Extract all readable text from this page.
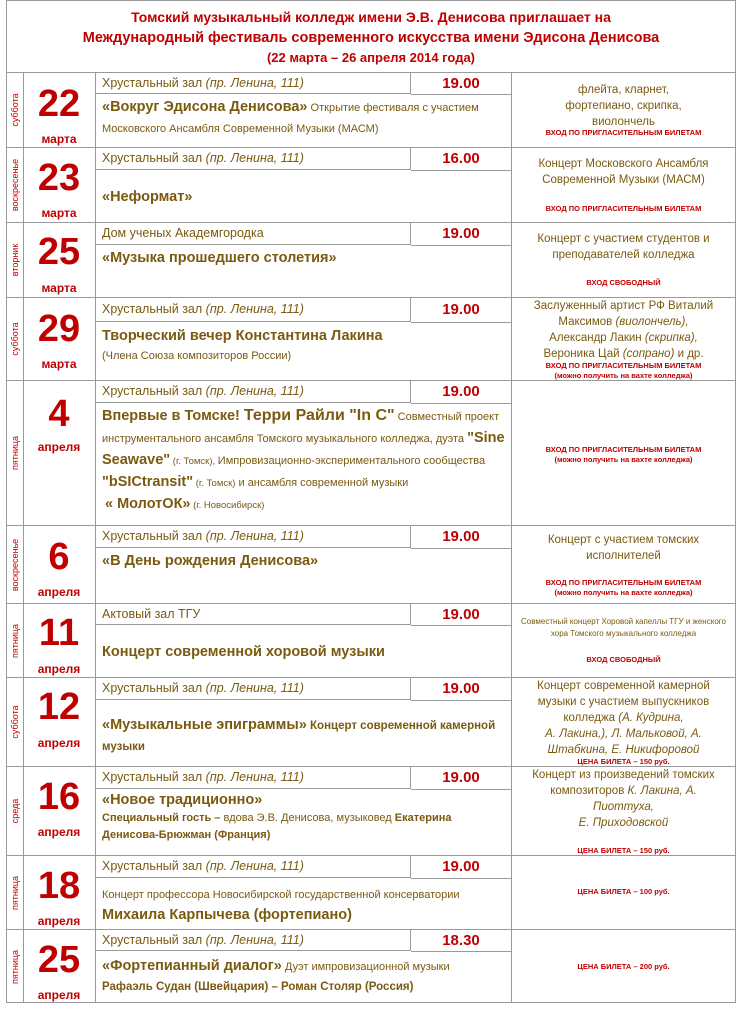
Томский музыкальный колледж имени Э.В. Денисова приглашает на
Международный фестиваль современного искусства имени Эдисона Денисова
(22 марта – 26 апреля 2014 года)
суббота 22
марта
Хрустальный зал (пр. Ленина, 111)	19.00
«Вокруг Эдисона Денисова» Открытие фестиваля с участием Московского Ансамбля Современной Музыки (МАСМ)
флейта, кларнет, фортепиано, скрипка, виолончель
ВХОД ПО ПРИГЛАСИТЕЛЬНЫМ БИЛЕТАМ
воскресенье 23
марта
Хрустальный зал (пр. Ленина, 111)	16.00
«Неформат»
Концерт Московского Ансамбля Современной Музыки (МАСМ)
ВХОД ПО ПРИГЛАСИТЕЛЬНЫМ БИЛЕТАМ
вторник 25
марта
Дом ученых Академгородка	19.00
«Музыка прошедшего столетия»
Концерт с участием студентов и преподавателей колледжа
ВХОД СВОБОДНЫЙ
суббота 29
марта
Хрустальный зал (пр. Ленина, 111)	19.00
Творческий вечер Константина Лакина
(Члена Союза композиторов России)
Заслуженный артист РФ Виталий
Максимов (виолончель),
Александр Лакин (скрипка),
Вероника Цай (сопрано) и др.
ВХОД ПО ПРИГЛАСИТЕЛЬНЫМ БИЛЕТАМ
(можно получить на вахте колледжа)
пятница
4
апреля
Хрустальный зал (пр. Ленина, 111)	19.00
Впервые в Томске! Терри Райли "In C" Совместный проект инструментального ансамбля Томского музыкального колледжа, дуэта "Sine Seawave" (г. Томск), Импровизационно-экспериментального сообщества "bSICtransit" (г. Томск) и ансамбля современной музыки
« МолотОК» (г. Новосибирск)
ВХОД ПО ПРИГЛАСИТЕЛЬНЫМ БИЛЕТАМ
(можно получить на вахте колледжа)
воскресенье 6
апреля
Хрустальный зал (пр. Ленина, 111)	19.00
«В День рождения Денисова»
Концерт с участием томских исполнителей
ВХОД ПО ПРИГЛАСИТЕЛЬНЫМ БИЛЕТАМ
(можно получить на вахте колледжа)
пятница 11
апреля
Актовый зал ТГУ	19.00
Концерт современной хоровой музыки
Совместный концерт Хоровой капеллы ТГУ и женского хора Томского музыкального колледжа
ВХОД СВОБОДНЫЙ
суббота 12
апреля
Хрустальный зал (пр. Ленина, 111)	19.00
«Музыкальные эпиграммы» Концерт современной камерной музыки
Концерт современной камерной
музыки с участием выпускников
колледжа (А. Кудрина,
А. Лакина,), Л. Мальковой, А.
Штабкина, Е. Никифоровой
ЦЕНА БИЛЕТА – 150 руб.
среда 16
апреля
Хрустальный зал (пр. Ленина, 111)	19.00
«Новое традиционно»
Специальный гость – вдова Э.В. Денисова, музыковед Екатерина Денисова-Брюжман (Франция)
Концерт из произведений томских
композиторов К. Лакина, А.
Пиоттуха,
Е. Приходовской
ЦЕНА БИЛЕТА – 150 руб.
пятница 18
апреля
Хрустальный зал (пр. Ленина, 111)	19.00
Концерт профессора Новосибирской государственной консерватории
Михаила Карпычева (фортепиано)
ЦЕНА БИЛЕТА – 100 руб.
пятница 25
апреля
Хрустальный зал (пр. Ленина, 111)	18.30
«Фортепианный диалог» Дуэт импровизационной музыки
Рафаэль Судан (Швейцария) – Роман Столяр (Россия)
ЦЕНА БИЛЕТА – 200 руб.
